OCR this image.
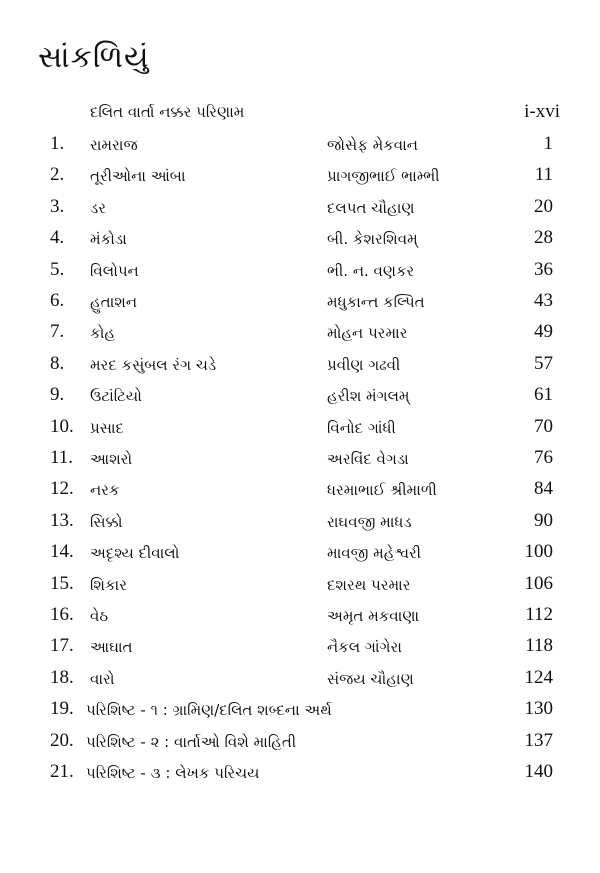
સાંકળિયું
દલિત વાર્તા નક્કર પરિણામ	i-xvi
1. રામરાજ	જોસેફ મેકવાન	1
2. તૂરીઓના આંબા	પ્રાગજીભાઈ ભામ્ભી	11
3. ડર	દલપત ચૌહાણ	20
4. મંકોડા	બી. કેશરશિવમ્	28
5. વિલોપન	ભી. ન. વણકર	36
6. હુતાશન	મધુકાન્ત કલ્પિત	43
7. કોહ	મોહન પરમાર	49
8. મરદ કસુંબલ રંગ ચડે	પ્રવીણ ગઢવી	57
9. ઉટાંટિયો	હરીશ મંગલમ્	61
10. પ્રસાદ	વિનોદ ગાંધી	70
11. આશરો	અરવિંદ વેગડા	76
12. નરક	ધરમાભાઈ શ્રીમાળી	84
13. સિક્કો	રાઘવજી માધડ	90
14. અદૃશ્ય દીવાલો	માવજી મહેશ્વરી	100
15. શિકાર	દશરથ પરમાર	106
16. વેઠ	અમૃત મકવાણા	112
17. આઘાત	નૈકલ ગાંગેરા	118
18. વારો	સંજય ચૌહાણ	124
19. પરિશિષ્ટ - ૧ : ગ્રામિણ/દલિત શબ્દના અર્થ	130
20. પરિશિષ્ટ - ૨ : વાર્તાઓ વિશે માહિતી	137
21. પરિશિષ્ટ - ૩ : લેખક પરિચય	140
